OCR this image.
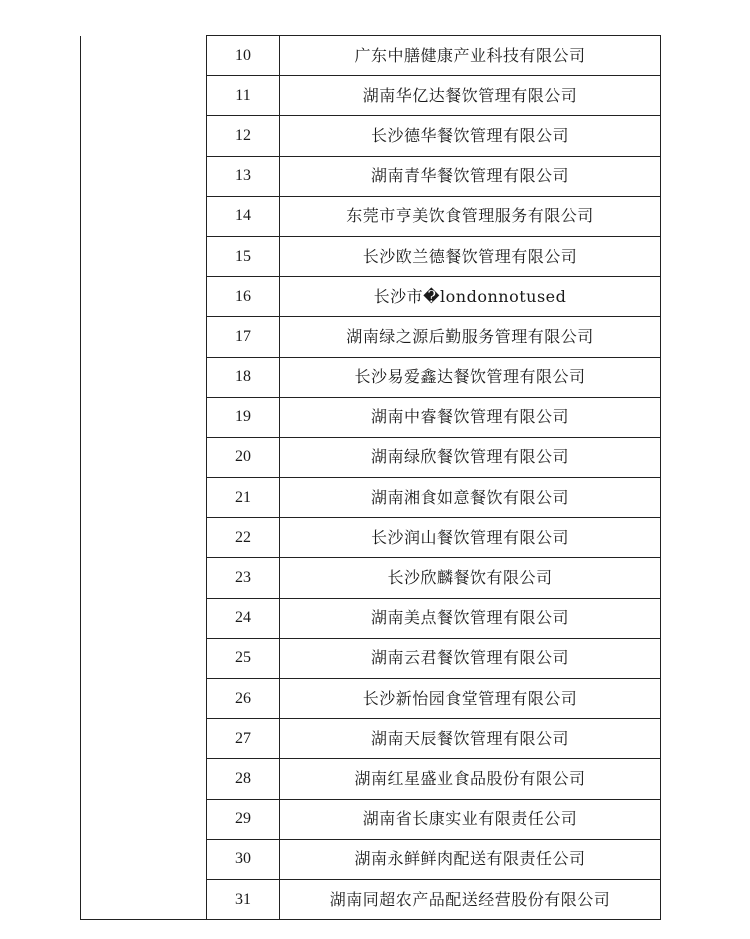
	10	广东中膳健康产业科技有限公司
	11	湖南华亿达餐饮管理有限公司
	12	长沙德华餐饮管理有限公司
	13	湖南青华餐饮管理有限公司
	14	东莞市亨美饮食管理服务有限公司
	15	长沙欧兰德餐饮管理有限公司
	16	长沙市�londonnotused
	17	湖南绿之源后勤服务管理有限公司
	18	长沙易爱鑫达餐饮管理有限公司
	19	湖南中睿餐饮管理有限公司
	20	湖南绿欣餐饮管理有限公司
	21	湖南湘食如意餐饮有限公司
	22	长沙润山餐饮管理有限公司
	23	长沙欣麟餐饮有限公司
	24	湖南美点餐饮管理有限公司
	25	湖南云君餐饮管理有限公司
	26	长沙新怡园食堂管理有限公司
	27	湖南天辰餐饮管理有限公司
	28	湖南红星盛业食品股份有限公司
	29	湖南省长康实业有限责任公司
	30	湖南永鲜鲜肉配送有限责任公司
	31	湖南同超农产品配送经营股份有限公司
